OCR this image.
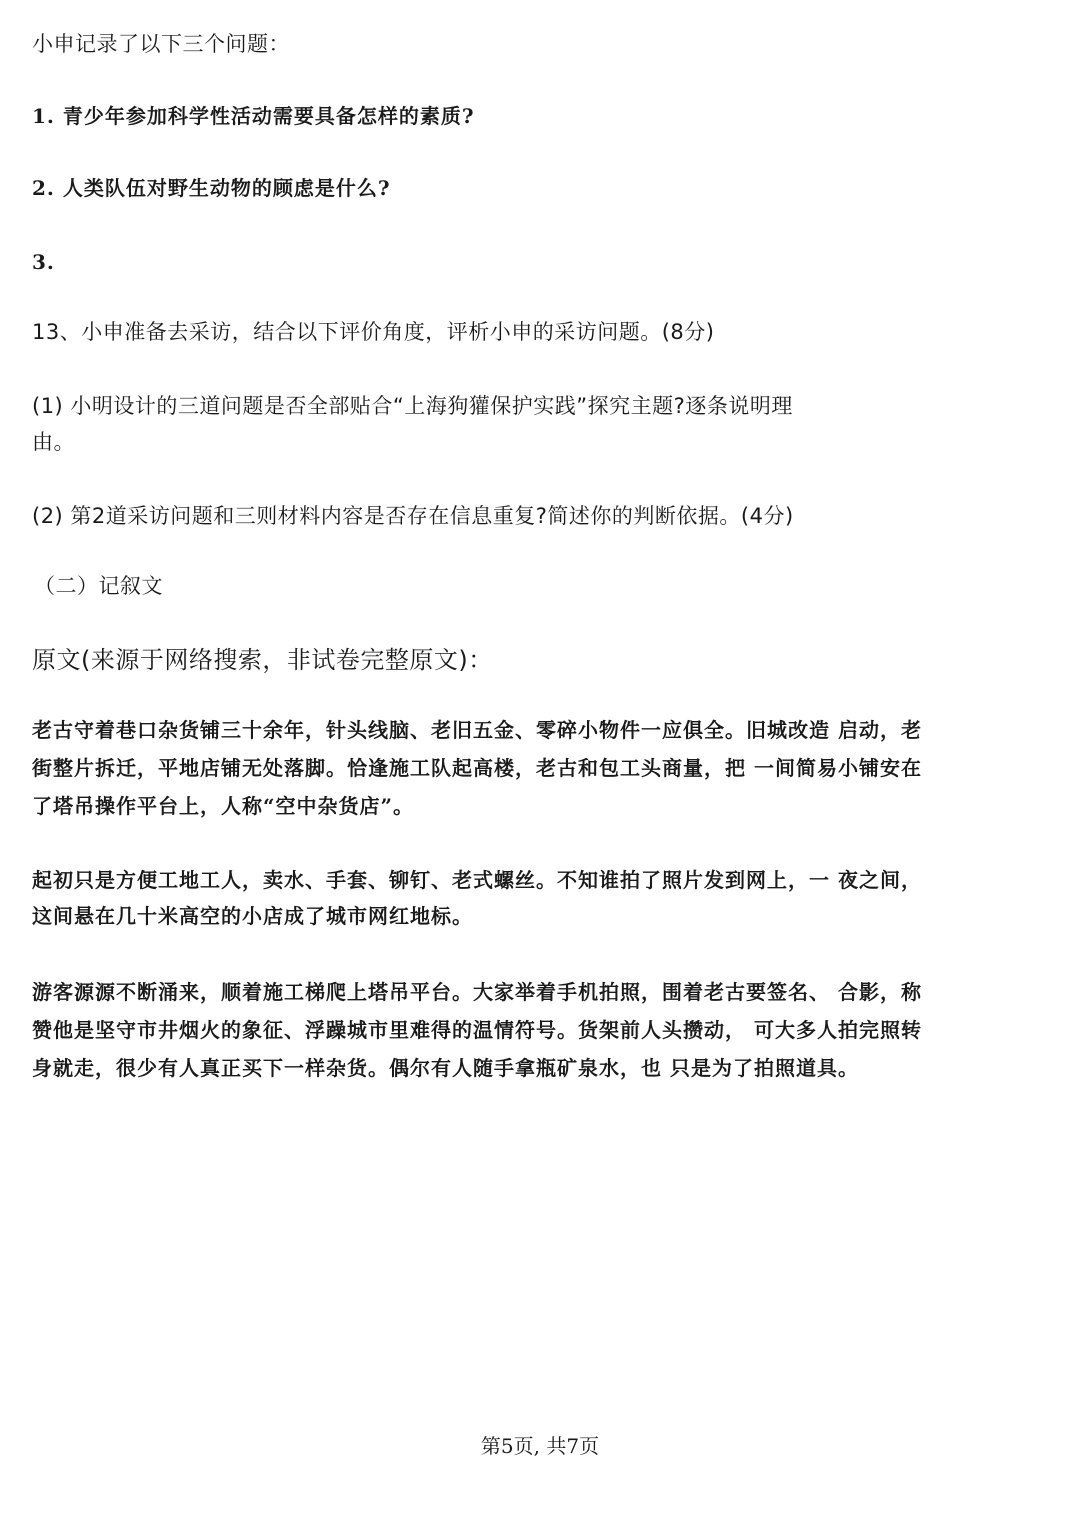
小申记录了以下三个问题：
1. 青少年参加科学性活动需要具备怎样的素质?
2. 人类队伍对野生动物的顾虑是什么?
3.
13、小申准备去采访，结合以下评价角度，评析小申的采访问题。(8分)
(1) 小明设计的三道问题是否全部贴合“上海狗獾保护实践”探究主题?逐条说明理
由。
(2) 第2道采访问题和三则材料内容是否存在信息重复?简述你的判断依据。(4分)
（二）记叙文
原文(来源于网络搜索，非试卷完整原文)：
老古守着巷口杂货铺三十余年，针头线脑、老旧五金、零碎小物件一应俱全。旧城改造 启动，老
街整片拆迁，平地店铺无处落脚。恰逢施工队起高楼，老古和包工头商量，把 一间简易小铺安在
了塔吊操作平台上，人称“空中杂货店”。
起初只是方便工地工人，卖水、手套、铆钉、老式螺丝。不知谁拍了照片发到网上，一 夜之间，
这间悬在几十米高空的小店成了城市网红地标。
游客源源不断涌来，顺着施工梯爬上塔吊平台。大家举着手机拍照，围着老古要签名、 合影，称
赞他是坚守市井烟火的象征、浮躁城市里难得的温情符号。货架前人头攒动， 可大多人拍完照转
身就走，很少有人真正买下一样杂货。偶尔有人随手拿瓶矿泉水，也 只是为了拍照道具。
第5页, 共7页
